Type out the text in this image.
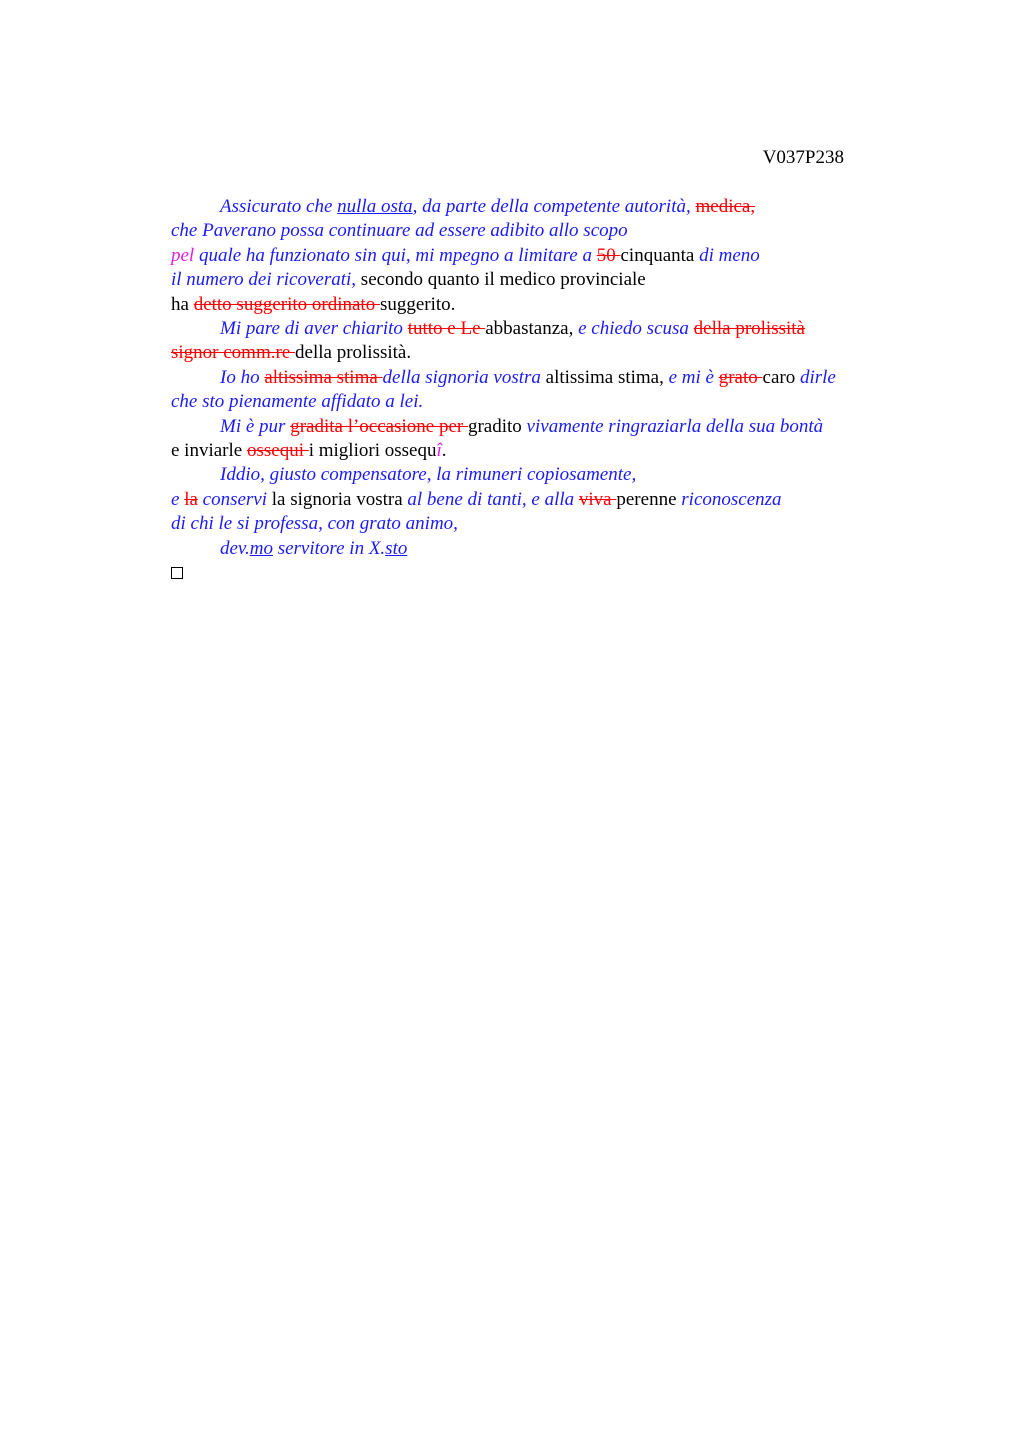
V037P238
Assicurato che nulla osta, da parte della competente autorità, medica,
che Paverano possa continuare ad essere adibito allo scopo
pel quale ha funzionato sin qui, mi mpegno a limitare a 50 cinquanta di meno
il numero dei ricoverati, secondo quanto il medico provinciale
ha detto suggerito ordinato suggerito.
Mi pare di aver chiarito tutto e Le abbastanza, e chiedo scusa della prolissità
signor comm.re della prolissità.
Io ho altissima stima della signoria vostra altissima stima, e mi è grato caro dirle
che sto pienamente affidato a lei.
Mi è pur gradita l’occasione per gradito vivamente ringraziarla della sua bontà
e inviarle ossequi i migliori ossequî.
Iddio, giusto compensatore, la rimuneri copiosamente,
e la conservi la signoria vostra al bene di tanti, e alla viva perenne riconoscenza
di chi le si professa, con grato animo,
dev.mo servitore in X.sto
